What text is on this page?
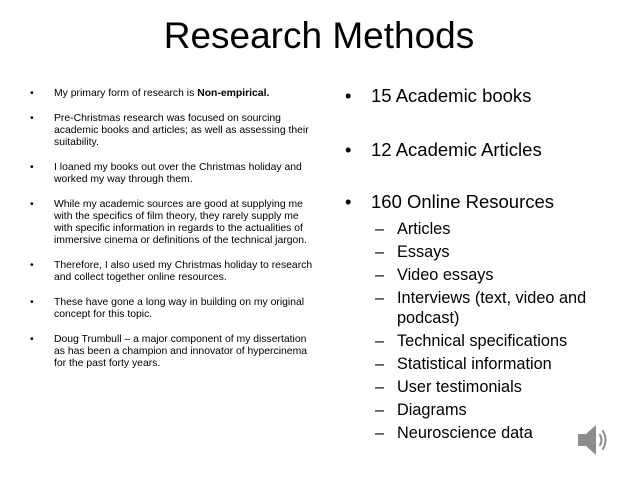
Research Methods
• My primary form of research is Non-empirical.
• Pre-Christmas research was focused on sourcing academic books and articles; as well as assessing their suitability.
• I loaned my books out over the Christmas holiday and worked my way through them.
• While my academic sources are good at supplying me with the specifics of film theory, they rarely supply me with specific information in regards to the actualities of immersive cinema or definitions of the technical jargon.
• Therefore, I also used my Christmas holiday to research and collect together online resources.
• These have gone a long way in building on my original concept for this topic.
• Doug Trumbull – a major component of my dissertation as has been a champion and innovator of hypercinema for the past forty years.
• 15 Academic books
• 12 Academic Articles
• 160 Online Resources
– Articles
– Essays
– Video essays
– Interviews (text, video and podcast)
– Technical specifications
– Statistical information
– User testimonials
– Diagrams
– Neuroscience data
